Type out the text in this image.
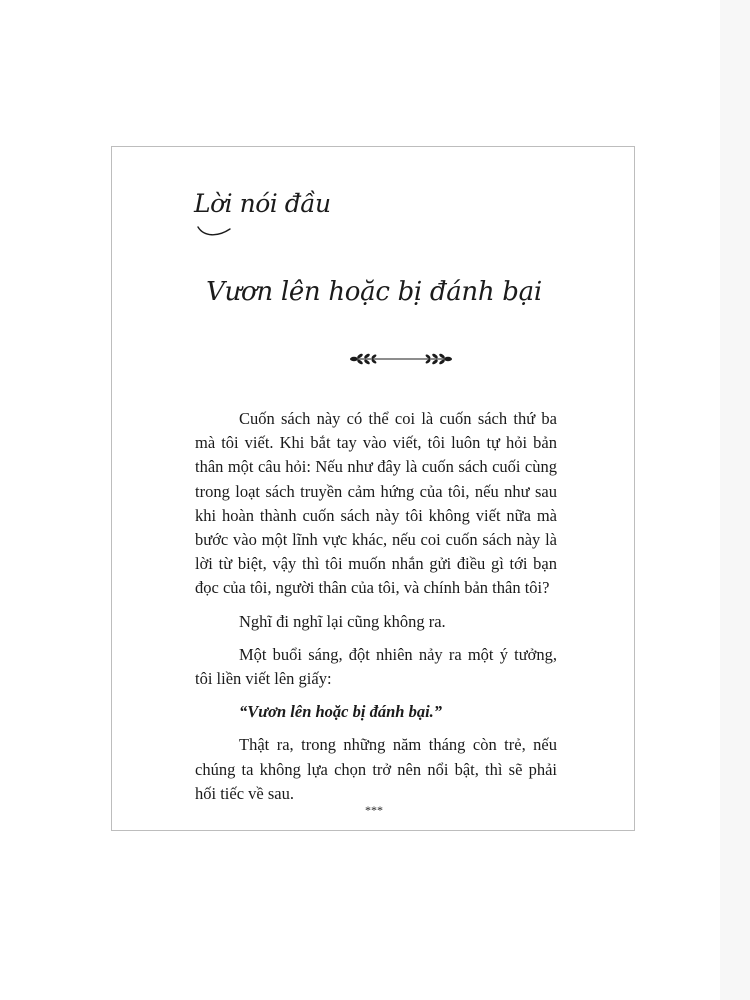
Lời nói đầu
Vươn lên hoặc bị đánh bại

Cuốn sách này có thể coi là cuốn sách thứ ba mà tôi viết. Khi bắt tay vào viết, tôi luôn tự hỏi bản thân một câu hỏi: Nếu như đây là cuốn sách cuối cùng trong loạt sách truyền cảm hứng của tôi, nếu như sau khi hoàn thành cuốn sách này tôi không viết nữa mà bước vào một lĩnh vực khác, nếu coi cuốn sách này là lời từ biệt, vậy thì tôi muốn nhắn gửi điều gì tới bạn đọc của tôi, người thân của tôi, và chính bản thân tôi?

Nghĩ đi nghĩ lại cũng không ra.

Một buổi sáng, đột nhiên nảy ra một ý tưởng, tôi liền viết lên giấy:

“Vươn lên hoặc bị đánh bại.”

Thật ra, trong những năm tháng còn trẻ, nếu chúng ta không lựa chọn trở nên nổi bật, thì sẽ phải hối tiếc về sau.

***
